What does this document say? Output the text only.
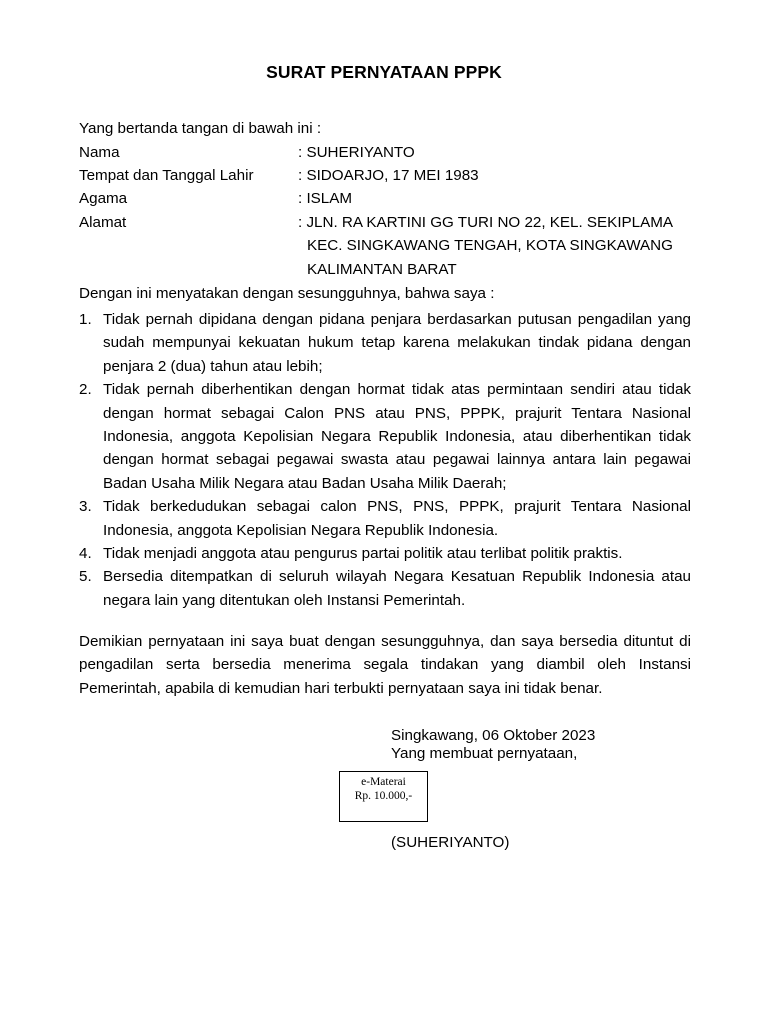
SURAT PERNYATAAN PPPK
Yang bertanda tangan di bawah ini :
Nama	: SUHERIYANTO
Tempat dan Tanggal Lahir	: SIDOARJO, 17 MEI 1983
Agama	: ISLAM
Alamat	: JLN. RA KARTINI GG TURI NO 22, KEL. SEKIPLAMA
KEC. SINGKAWANG TENGAH, KOTA SINGKAWANG
KALIMANTAN BARAT
Dengan ini menyatakan dengan sesungguhnya, bahwa saya :
1. Tidak pernah dipidana dengan pidana penjara berdasarkan putusan pengadilan yang
sudah mempunyai kekuatan hukum tetap karena melakukan tindak pidana dengan
penjara 2 (dua) tahun atau lebih;
2. Tidak pernah diberhentikan dengan hormat tidak atas permintaan sendiri atau tidak
dengan hormat sebagai Calon PNS atau PNS, PPPK, prajurit Tentara Nasional
Indonesia, anggota Kepolisian Negara Republik Indonesia, atau diberhentikan tidak
dengan hormat sebagai pegawai swasta atau pegawai lainnya antara lain pegawai
Badan Usaha Milik Negara atau Badan Usaha Milik Daerah;
3. Tidak berkedudukan sebagai calon PNS, PNS, PPPK, prajurit Tentara Nasional
Indonesia, anggota Kepolisian Negara Republik Indonesia.
4. Tidak menjadi anggota atau pengurus partai politik atau terlibat politik praktis.
5. Bersedia ditempatkan di seluruh wilayah Negara Kesatuan Republik Indonesia atau
negara lain yang ditentukan oleh Instansi Pemerintah.
Demikian pernyataan ini saya buat dengan sesungguhnya, dan saya bersedia dituntut di
pengadilan serta bersedia menerima segala tindakan yang diambil oleh Instansi
Pemerintah, apabila di kemudian hari terbukti pernyataan saya ini tidak benar.
Singkawang, 06 Oktober 2023
Yang membuat pernyataan,
e-Materai
Rp. 10.000,-
(SUHERIYANTO)
